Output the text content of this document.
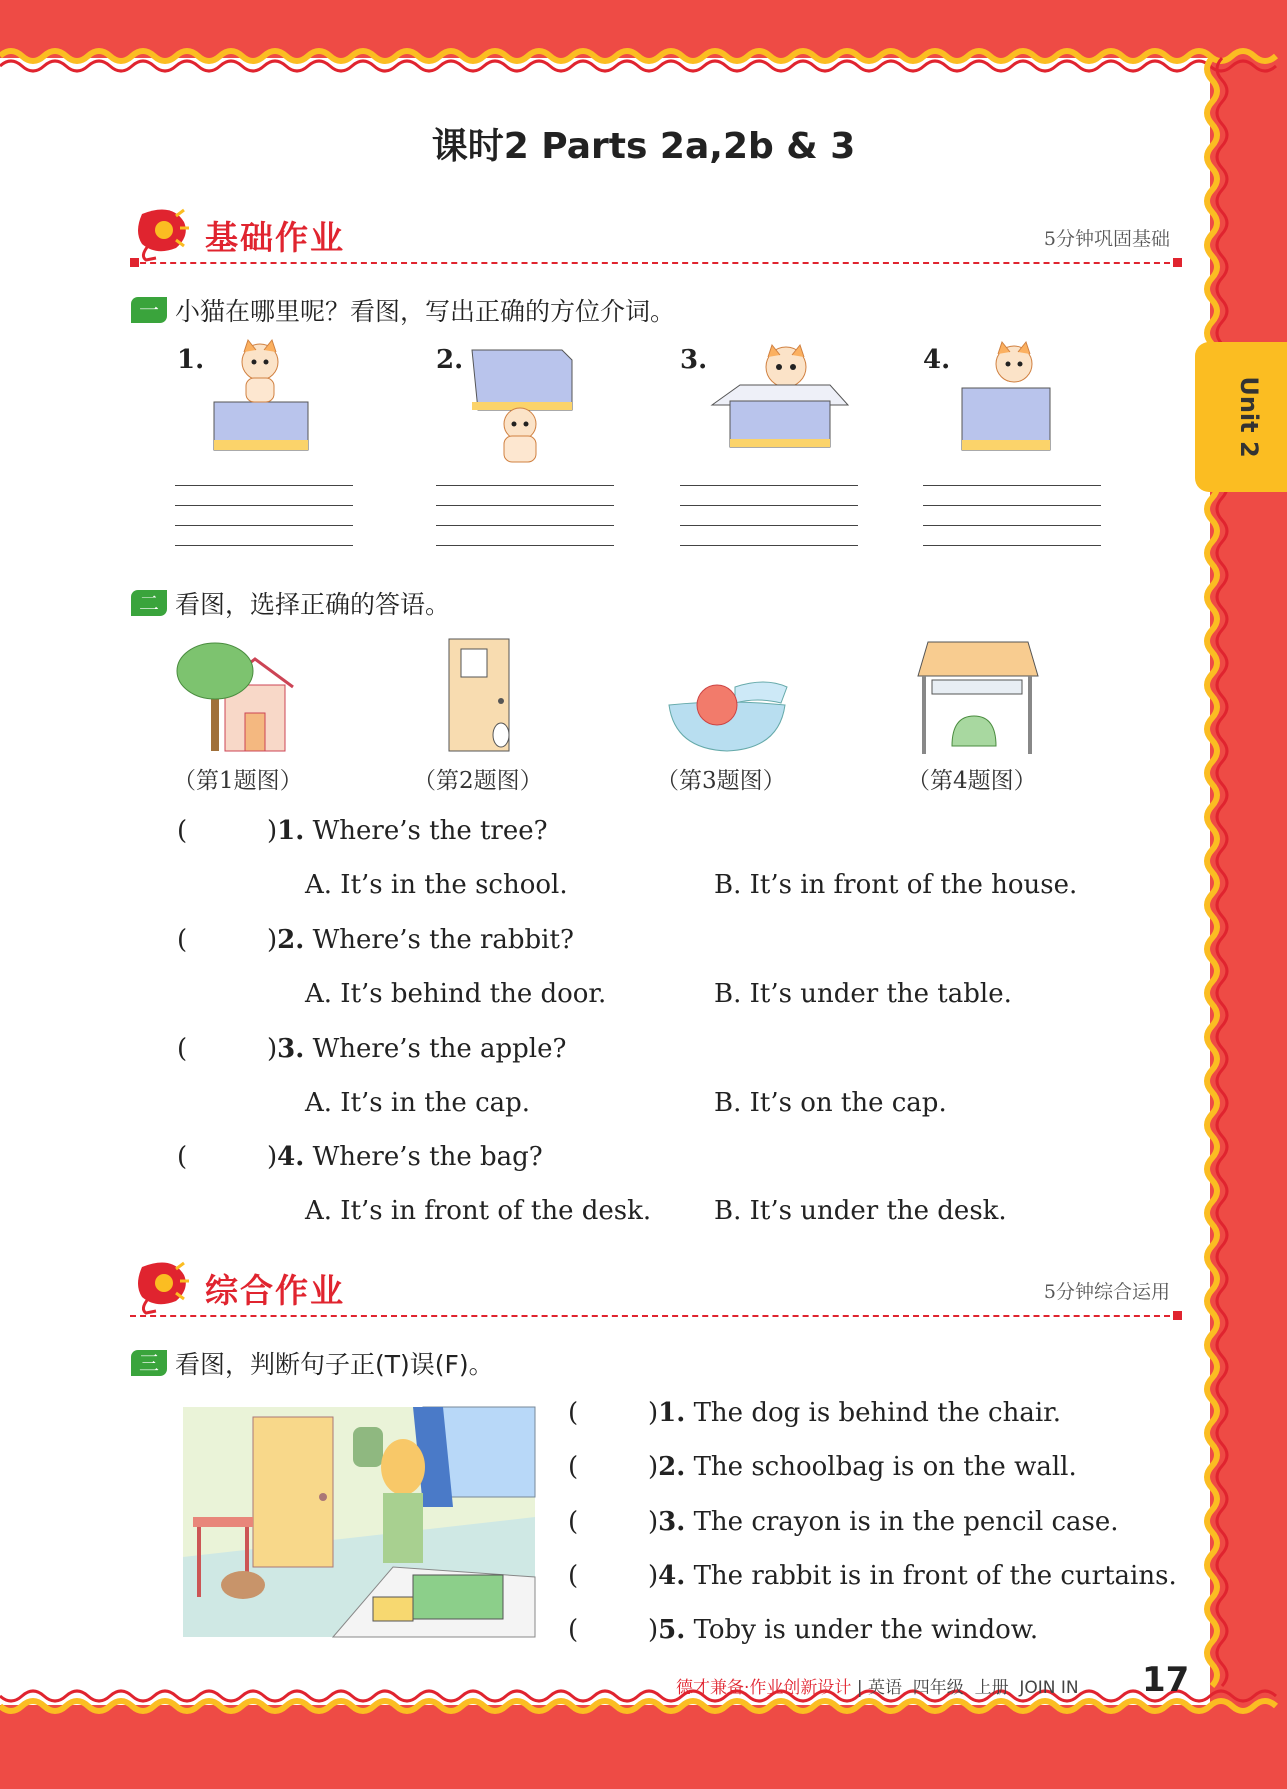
Unit 2
课时2 Parts 2a,2b & 3
基础作业	5分钟巩固基础
一 小猫在哪里呢？看图，写出正确的方位介词。
1.	2.	3.	4.
二 看图，选择正确的答语。
（第1题图）	（第2题图）	（第3题图）	（第4题图）
(	)1. Where’s the tree?
A. It’s in the school.	B. It’s in front of the house.
(	)2. Where’s the rabbit?
A. It’s behind the door.	B. It’s under the table.
(	)3. Where’s the apple?
A. It’s in the cap.	B. It’s on the cap.
(	)4. Where’s the bag?
A. It’s in front of the desk. B. It’s under the desk.
综合作业	5分钟综合运用
三 看图，判断句子正(T)误(F)。
(	)1. The dog is behind the chair.
(	)2. The schoolbag is on the wall.
(	)3. The crayon is in the pencil case.
(	)4. The rabbit is in front of the curtains.
(	)5. Toby is under the window.
德才兼备·作业创新设计 | 英语 四年级 上册 JOIN IN 17
